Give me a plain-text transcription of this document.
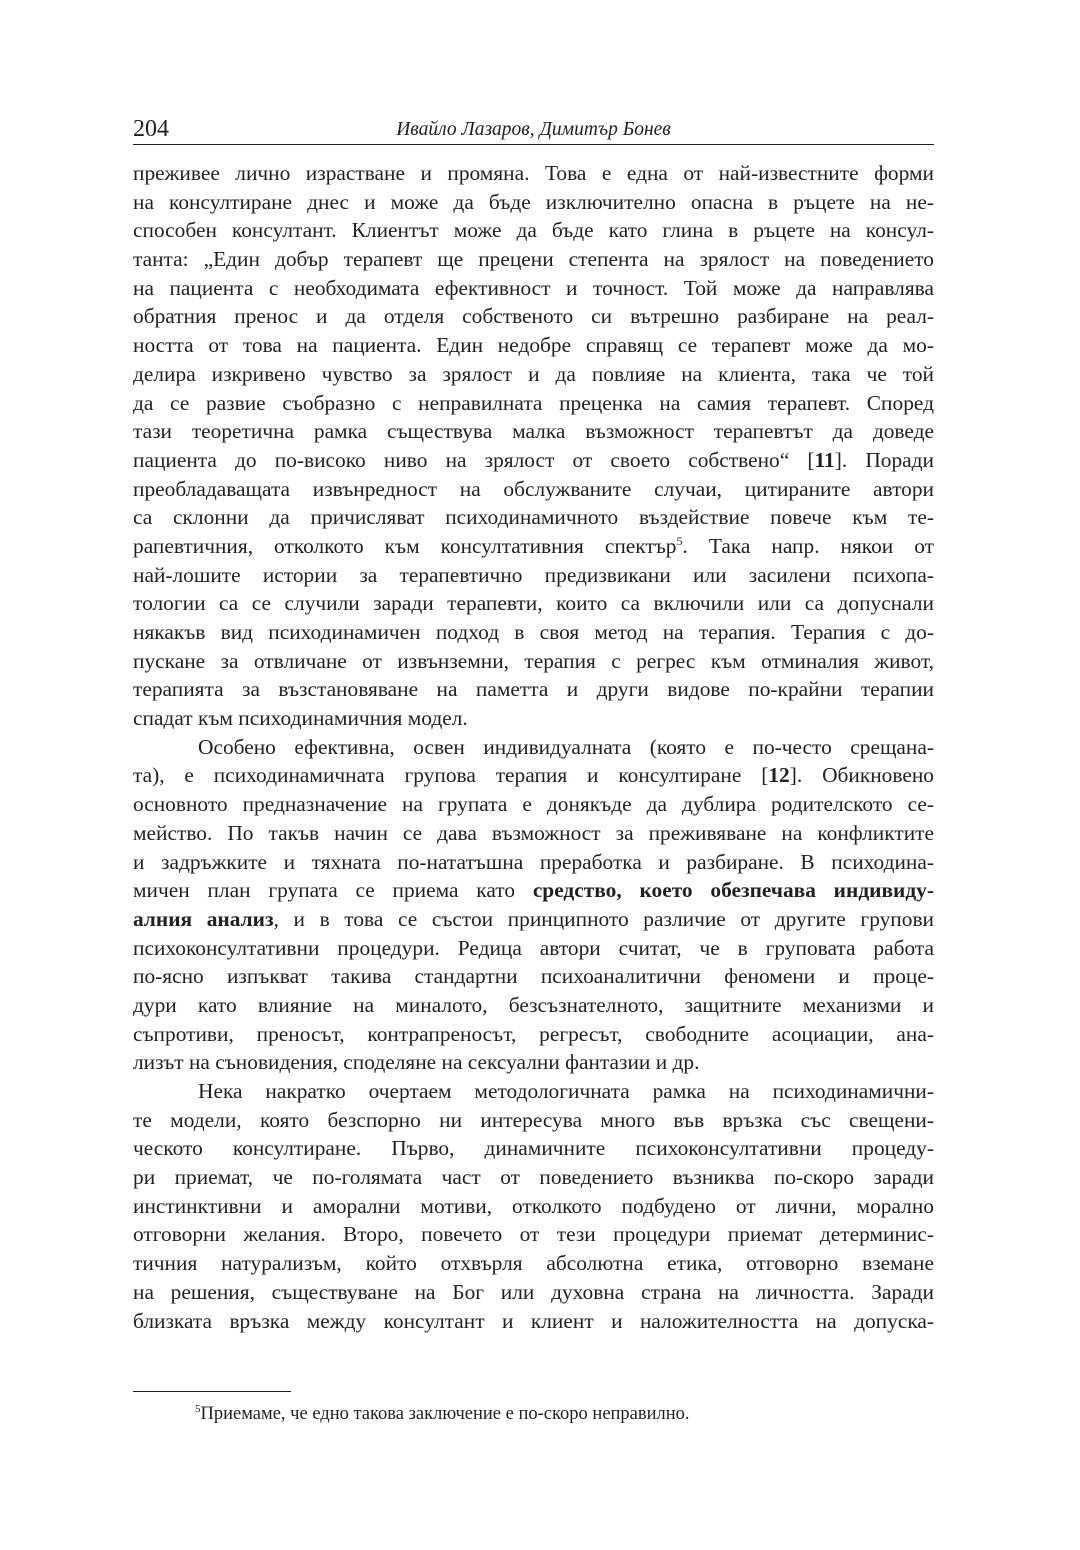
204	Ивайло Лазаров, Димитър Бонев
преживее лично израстване и промяна. Това е една от най-известните форми
на консултиране днес и може да бъде изключително опасна в ръцете на не-
способен консултант. Клиентът може да бъде като глина в ръцете на консул-
танта: „Един добър терапевт ще прецени степента на зрялост на поведението
на пациента с необходимата ефективност и точност. Той може да направлява
обратния пренос и да отделя собственото си вътрешно разбиране на реал-
ността от това на пациента. Един недобре справящ се терапевт може да мо-
делира изкривено чувство за зрялост и да повлияе на клиента, така че той
да се развие съобразно с неправилната преценка на самия терапевт. Според
тази теоретична рамка съществува малка възможност терапевтът да доведе
пациента до по-високо ниво на зрялост от своето собствено“ [11]. Поради
преобладаващата извънредност на обслужваните случаи, цитираните автори
са склонни да причисляват психодинамичното въздействие повече към те-
рапевтичния, отколкото към консултативния спектър$^5$. Така напр. някои от
най-лошите истории за терапевтично предизвикани или засилени психопа-
тологии са се случили заради терапевти, които са включили или са допуснали
някакъв вид психодинамичен подход в своя метод на терапия. Терапия с до-
пускане за отвличане от извънземни, терапия с регрес към отминалия живот,
терапията за възстановяване на паметта и други видове по-крайни терапии
спадат към психодинамичния модел.
Особено ефективна, освен индивидуалната (която е по-често срещана-
та), е психодинамичната групова терапия и консултиране [12]. Обикновено
основното предназначение на групата е донякъде да дублира родителското се-
мейство. По такъв начин се дава възможност за преживяване на конфликтите
и задръжките и тяхната по-нататъшна преработка и разбиране. В психодина-
мичен план групата се приема като средство, което обезпечава индивиду-
алния анализ, и в това се състои принципното различие от другите групови
психоконсултативни процедури. Редица автори считат, че в груповата работа
по-ясно изпъкват такива стандартни психоаналитични феномени и проце-
дури като влияние на миналото, безсъзнателното, защитните механизми и
съпротиви, преносът, контрапреносът, регресът, свободните асоциации, ана-
лизът на съновидения, споделяне на сексуални фантазии и др.
Нека накратко очертаем методологичната рамка на психодинамични-
те модели, която безспорно ни интересува много във връзка със свещени-
ческото консултиране. Първо, динамичните психоконсултативни процеду-
ри приемат, че по-голямата част от поведението възниква по-скоро заради
инстинктивни и аморални мотиви, отколкото подбудено от лични, морално
отговорни желания. Второ, повечето от тези процедури приемат детерминис-
тичния натурализъм, който отхвърля абсолютна етика, отговорно вземане
на решения, съществуване на Бог или духовна страна на личността. Заради
близката връзка между консултант и клиент и наложителността на допуска-
$^5$Приемаме, че едно такова заключение е по-скоро неправилно.
